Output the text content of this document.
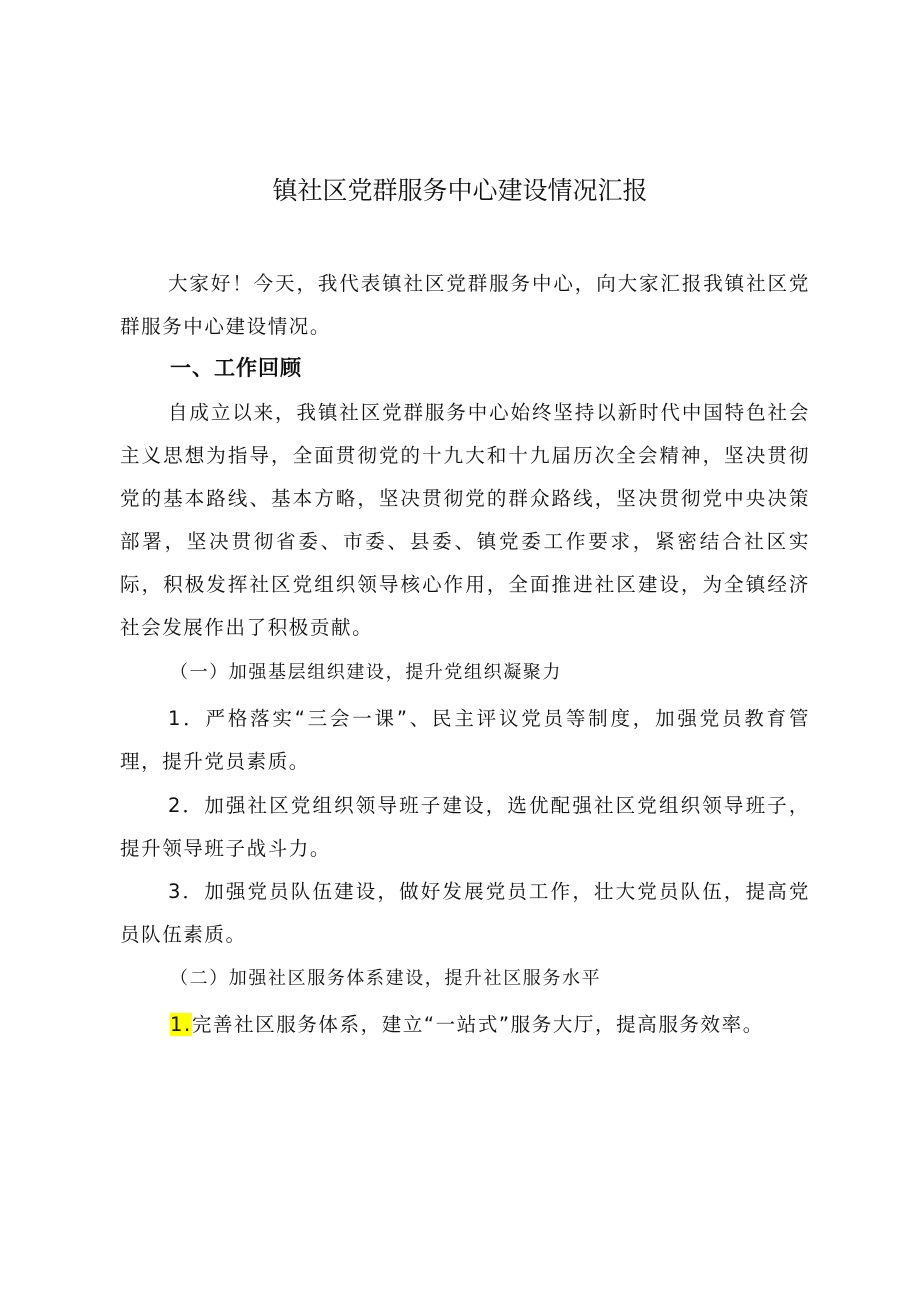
镇社区党群服务中心建设情况汇报

大家好！今天，我代表镇社区党群服务中心，向大家汇报我镇社区党群服务中心建设情况。

一、工作回顾

自成立以来，我镇社区党群服务中心始终坚持以新时代中国特色社会主义思想为指导，全面贯彻党的十九大和十九届历次全会精神，坚决贯彻党的基本路线、基本方略，坚决贯彻党的群众路线，坚决贯彻党中央决策部署，坚决贯彻省委、市委、县委、镇党委工作要求，紧密结合社区实际，积极发挥社区党组织领导核心作用，全面推进社区建设，为全镇经济社会发展作出了积极贡献。

（一）加强基层组织建设，提升党组织凝聚力

1．严格落实“三会一课”、民主评议党员等制度，加强党员教育管理，提升党员素质。

2．加强社区党组织领导班子建设，选优配强社区党组织领导班子，提升领导班子战斗力。

3．加强党员队伍建设，做好发展党员工作，壮大党员队伍，提高党员队伍素质。

（二）加强社区服务体系建设，提升社区服务水平

1.完善社区服务体系，建立“一站式”服务大厅，提高服务效率。
